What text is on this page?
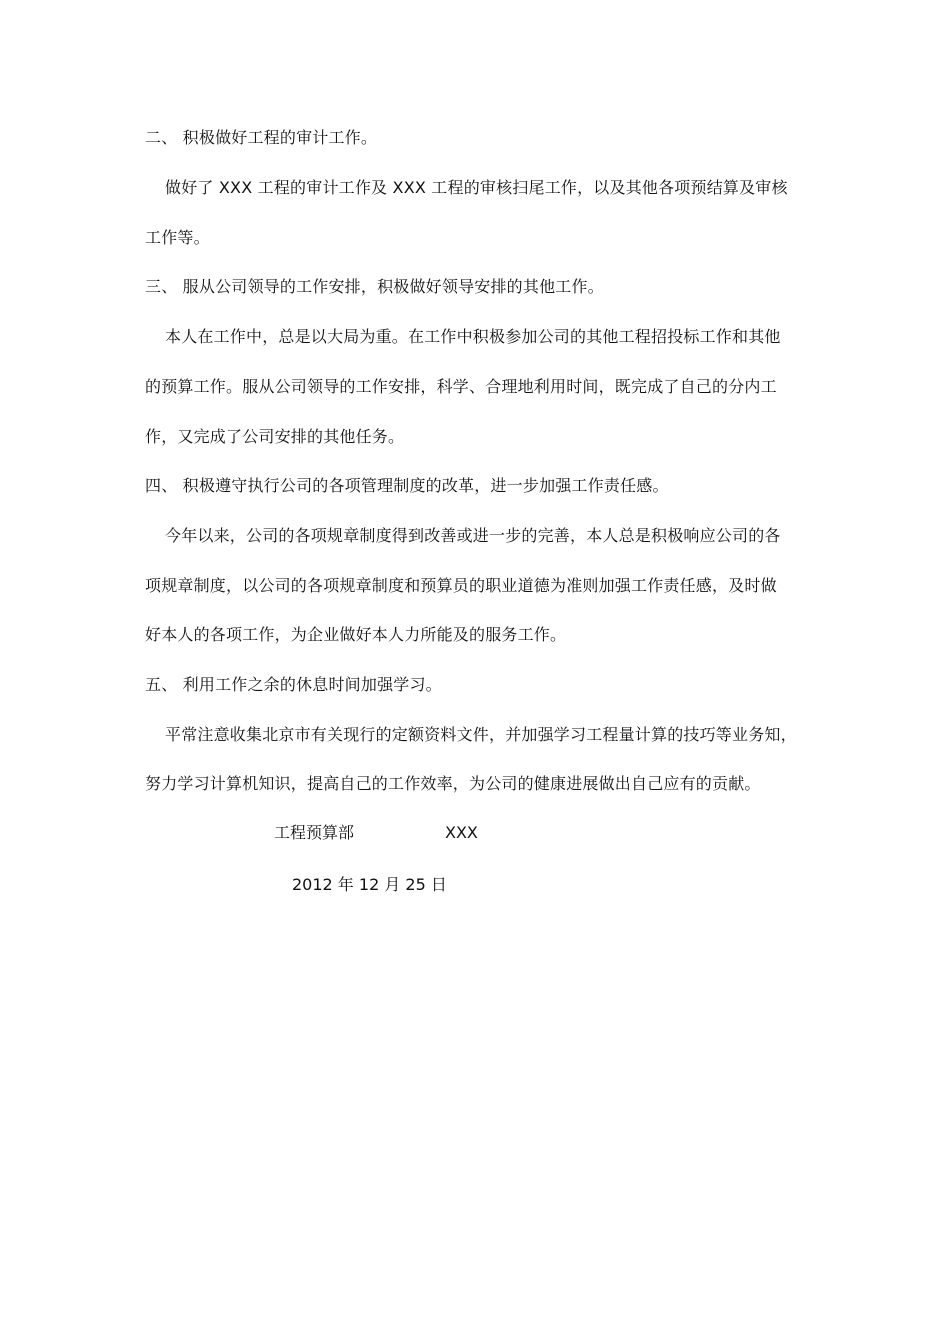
二、 积极做好工程的审计工作。
做好了 XXX 工程的审计工作及 XXX 工程的审核扫尾工作，以及其他各项预结算及审核
工作等。
三、 服从公司领导的工作安排，积极做好领导安排的其他工作。
本人在工作中，总是以大局为重。在工作中积极参加公司的其他工程招投标工作和其他
的预算工作。服从公司领导的工作安排，科学、合理地利用时间，既完成了自己的分内工
作，又完成了公司安排的其他任务。
四、 积极遵守执行公司的各项管理制度的改革，进一步加强工作责任感。
今年以来，公司的各项规章制度得到改善或进一步的完善，本人总是积极响应公司的各
项规章制度，以公司的各项规章制度和预算员的职业道德为准则加强工作责任感，及时做
好本人的各项工作，为企业做好本人力所能及的服务工作。
五、 利用工作之余的休息时间加强学习。
平常注意收集北京市有关现行的定额资料文件，并加强学习工程量计算的技巧等业务知，
努力学习计算机知识，提高自己的工作效率，为公司的健康进展做出自己应有的贡献。
工程预算部	XXX
2012 年 12 月 25 日
